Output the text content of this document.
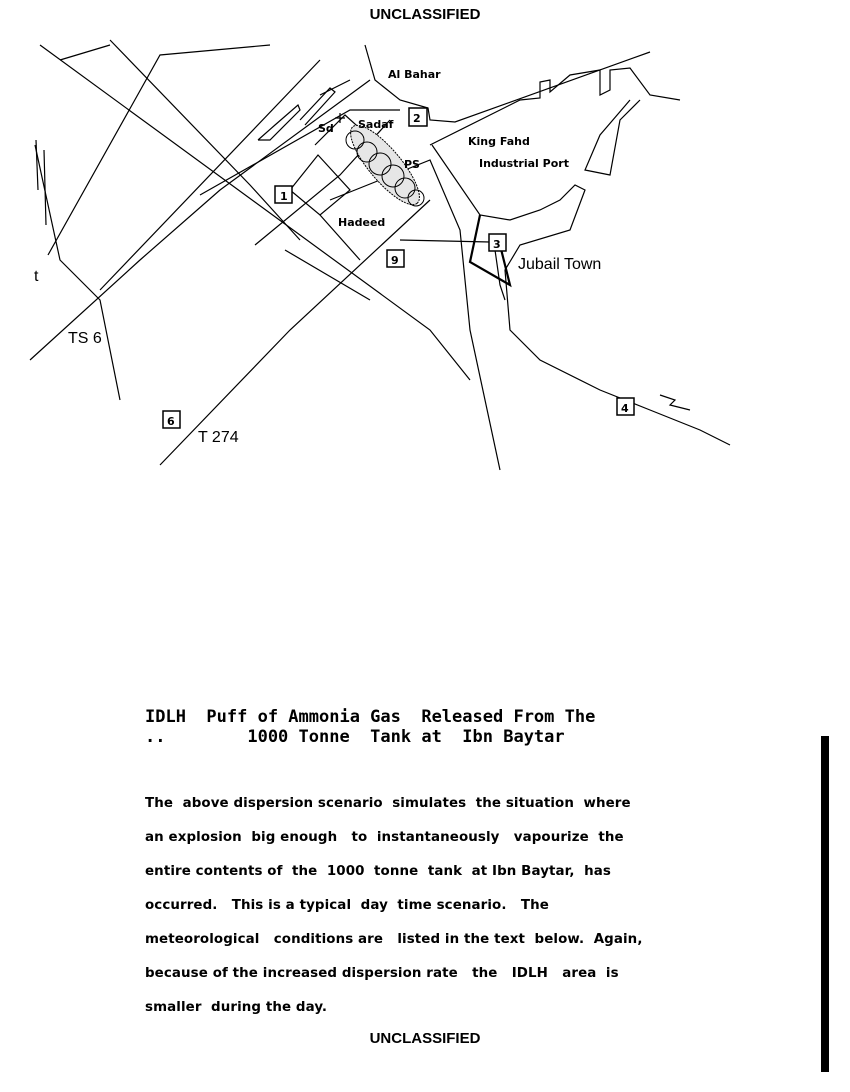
UNCLASSIFIED
2
1
3
9
4
6
Al Bahar
Sd Sadaf
PS
King Fahd
Industrial Port
Hadeed
Jubail Town
TS 6
T 274
t
IDLH  Puff of Ammonia Gas  Released From The
..        1000 Tonne  Tank at  Ibn Baytar

The  above dispersion scenario  simulates  the situation  where

an explosion  big enough   to  instantaneously   vapourize  the

entire contents of  the  1000  tonne  tank  at Ibn Baytar,  has

occurred.   This is a typical  day  time scenario.   The

meteorological   conditions are   listed in the text  below.  Again,

because of the increased dispersion rate   the   IDLH   area  is

smaller  during the day.

UNCLASSIFIED
